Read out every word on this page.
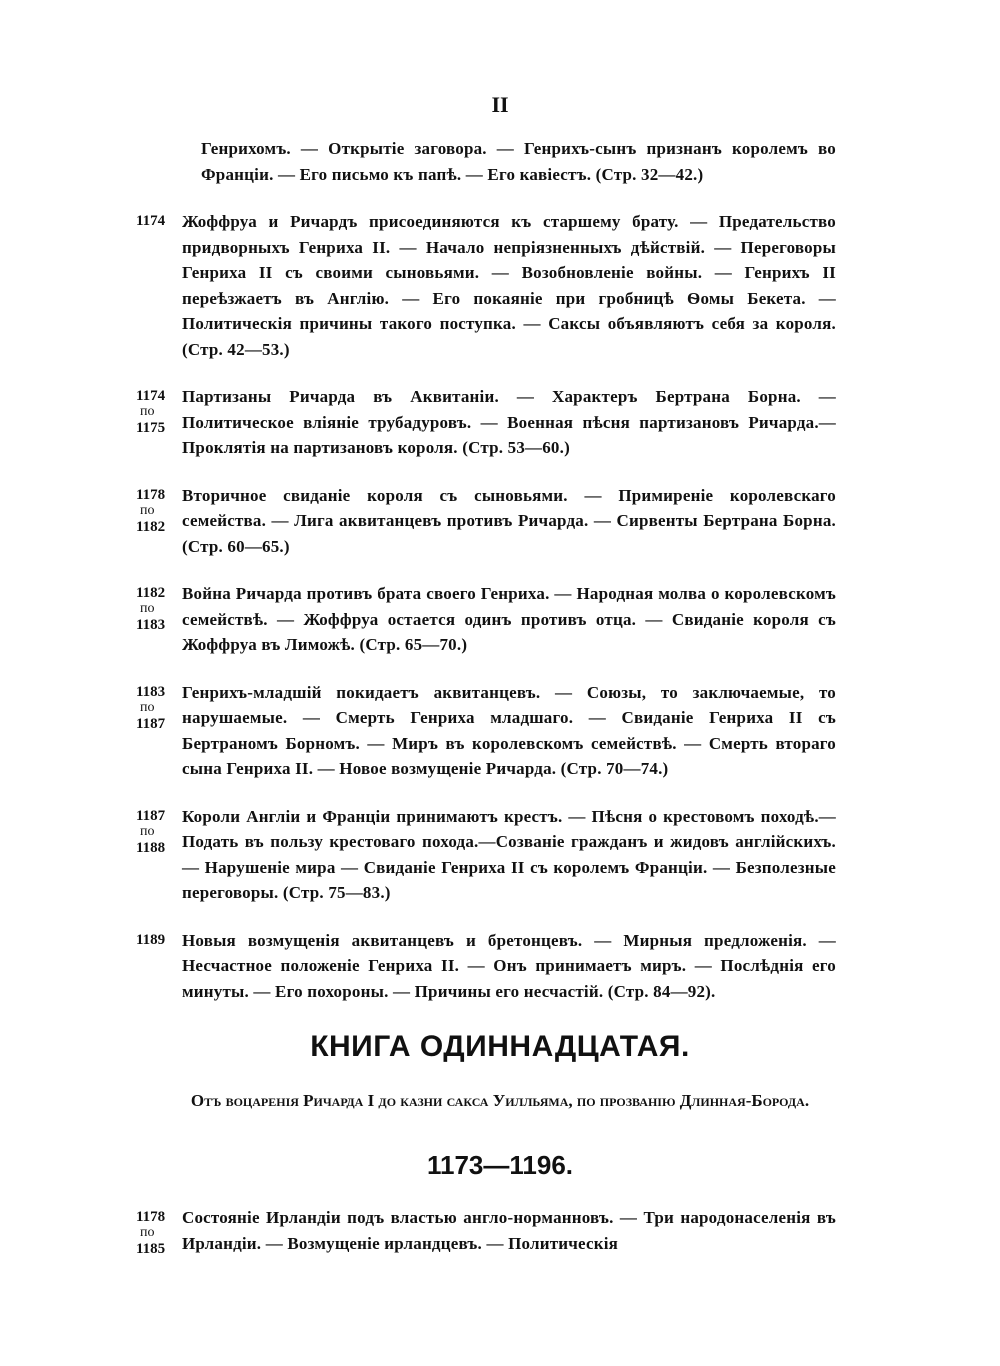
II
Генрихомъ. — Открытіе заговора. — Генрихъ-сынъ признанъ королемъ во Франціи. — Его письмо къ папѣ. — Его кавіестъ. (Стр. 32—42.)
1174 Жоффруа и Ричардъ присоединяются къ старшему брату. — Предательство придворныхъ Генриха II. — Начало непріязненныхъ дѣйствій. — Переговоры Генриха II съ своими сыновьями. — Возобновленіе войны. — Генрихъ II переѣзжаетъ въ Англію. — Его покаяніе при гробницѣ Ѳомы Бекета. — Политическія причины такого поступка. — Саксы объявляютъ себя за короля. (Стр. 42—53.)
1174
по
1175
Партизаны Ричарда въ Аквитаніи. — Характеръ Бертрана Борна. — Политическое вліяніе трубадуровъ. — Военная пѣсня партизановъ Ричарда.—Проклятія на партизановъ короля. (Стр. 53—60.)
1178
по
1182
Вторичное свиданіе короля съ сыновьями. — Примиреніе королевскаго семейства. — Лига аквитанцевъ противъ Ричарда. — Сирвенты Бертрана Борна. (Стр. 60—65.)
1182
по
1183
Война Ричарда противъ брата своего Генриха. — Народная молва о королевскомъ семействѣ. — Жоффруа остается одинъ противъ отца. — Свиданіе короля съ Жоффруа въ Лиможѣ. (Стр. 65—70.)
1183
по
1187
Генрихъ-младшій покидаетъ аквитанцевъ. — Союзы, то заключаемые, то нарушаемые. — Смерть Генриха младшаго. — Свиданіе Генриха II съ Бертраномъ Борномъ. — Миръ въ королевскомъ семействѣ. — Смерть втораго сына Генриха II. — Новое возмущеніе Ричарда. (Стр. 70—74.)
1187
по
1188
Короли Англіи и Франціи принимаютъ крестъ. — Пѣсня о крестовомъ походѣ.—Подать въ пользу крестоваго похода.—Созваніе гражданъ и жидовъ англійскихъ. — Нарушеніе мира — Свиданіе Генриха II съ королемъ Франціи. — Безполезные переговоры. (Стр. 75—83.)
1189 Новыя возмущенія аквитанцевъ и бретонцевъ. — Мирныя предложенія. — Несчастное положеніе Генриха II. — Онъ принимаетъ миръ. — Послѣднія его минуты. — Его похороны. — Причины его несчастій. (Стр. 84—92).
КНИГА ОДИННАДЦАТАЯ.
Отъ воцаренія Ричарда I до казни сакса Уилльяма, по прозванію Длинная-Борода.
1173—1196.
1178
по
1185
Состояніе Ирландіи подъ властью англо-норманновъ. — Три народонаселенія въ Ирландіи. — Возмущеніе ирландцевъ. — Политическія
